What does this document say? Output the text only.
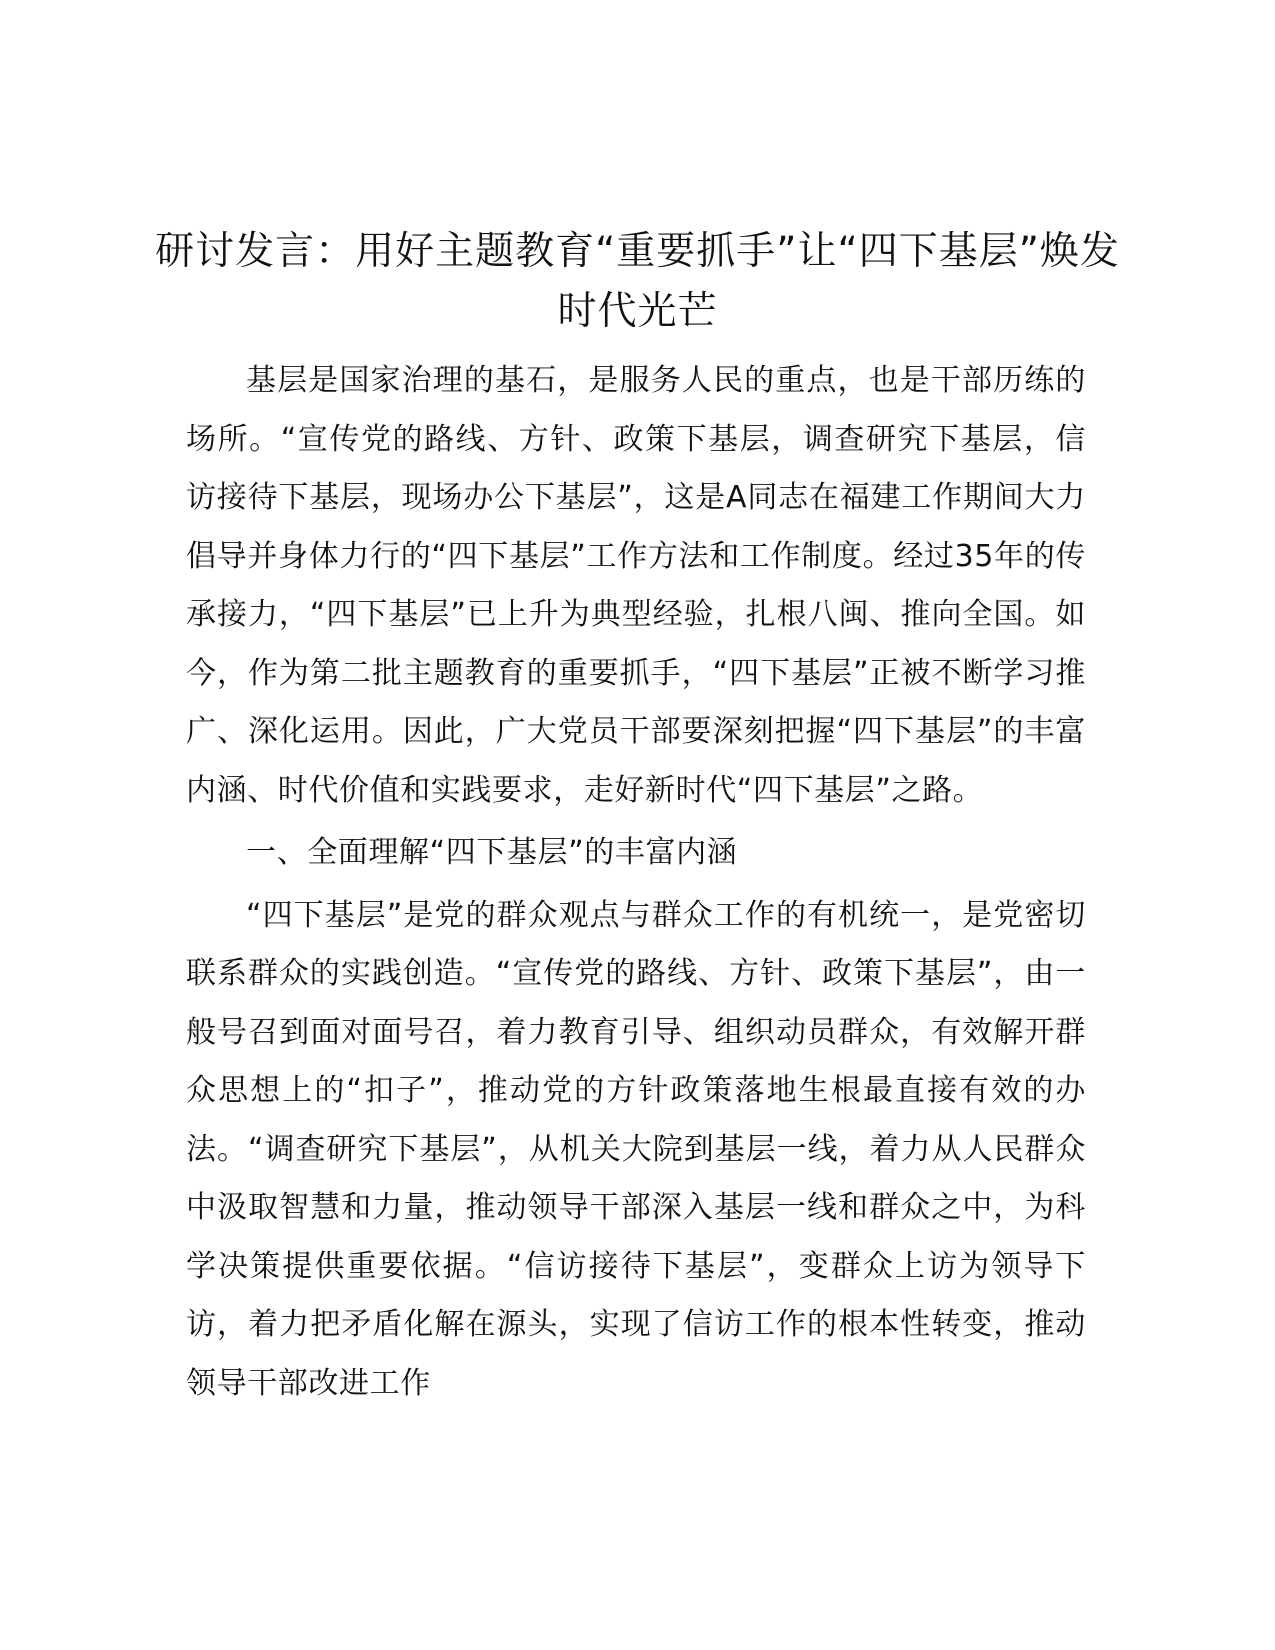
研讨发言：用好主题教育“重要抓手”让“四下基层”焕发时代光芒

基层是国家治理的基石，是服务人民的重点，也是干部历练的场所。“宣传党的路线、方针、政策下基层，调查研究下基层，信访接待下基层，现场办公下基层”，这是A同志在福建工作期间大力倡导并身体力行的“四下基层”工作方法和工作制度。经过35年的传承接力，“四下基层”已上升为典型经验，扎根八闽、推向全国。如今，作为第二批主题教育的重要抓手，“四下基层”正被不断学习推广、深化运用。因此，广大党员干部要深刻把握“四下基层”的丰富内涵、时代价值和实践要求，走好新时代“四下基层”之路。

一、全面理解“四下基层”的丰富内涵

“四下基层”是党的群众观点与群众工作的有机统一，是党密切联系群众的实践创造。“宣传党的路线、方针、政策下基层”，由一般号召到面对面号召，着力教育引导、组织动员群众，有效解开群众思想上的“扣子”，推动党的方针政策落地生根最直接有效的办法。“调查研究下基层”，从机关大院到基层一线，着力从人民群众中汲取智慧和力量，推动领导干部深入基层一线和群众之中，为科学决策提供重要依据。“信访接待下基层”，变群众上访为领导下访，着力把矛盾化解在源头，实现了信访工作的根本性转变，推动领导干部改进工作
